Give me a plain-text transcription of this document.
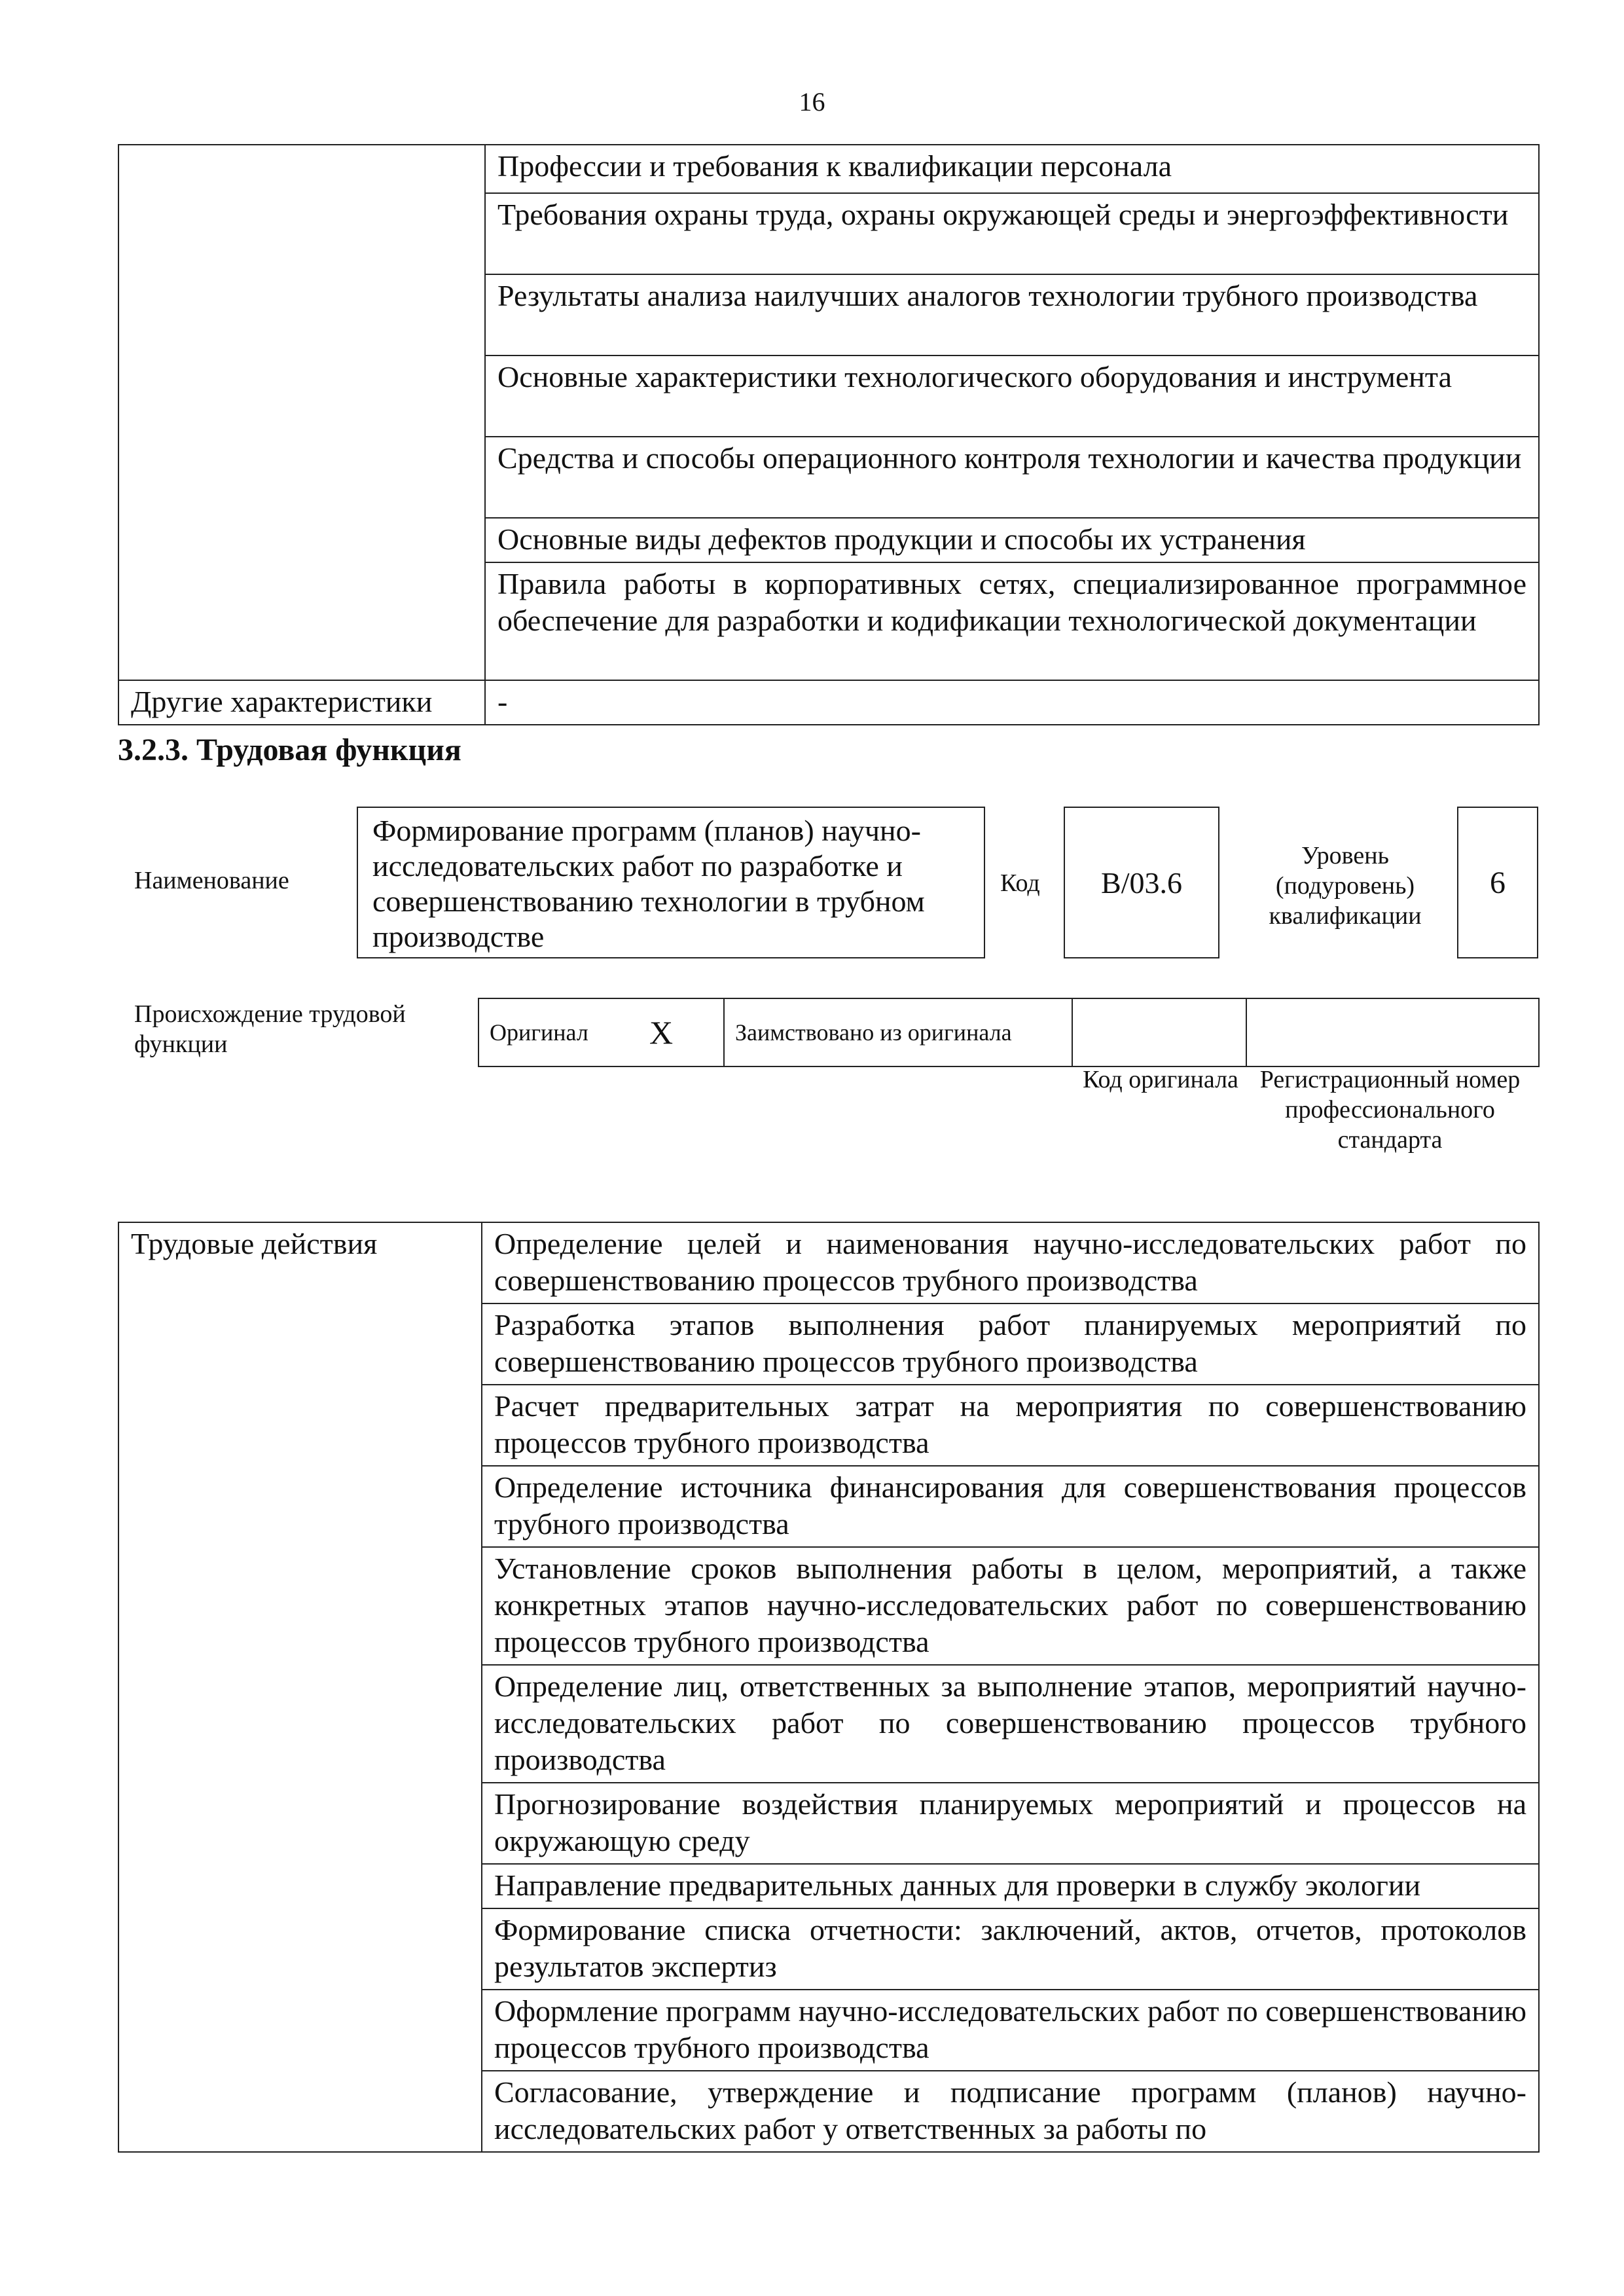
16
	Профессии и требования к квалификации персонала
	Требования охраны труда, охраны окружающей среды и энергоэффективности
	Результаты анализа наилучших аналогов технологии трубного производства
	Основные характеристики технологического оборудования и инструмента
	Средства и способы операционного контроля технологии и качества продукции
	Основные виды дефектов продукции и способы их устранения
	Правила работы в корпоративных сетях, специализированное программное обеспечение для разработки и кодификации технологической документации
Другие характеристики	-
3.2.3. Трудовая функция
Наименование
Формирование программ (планов) научно-исследовательских работ по разработке и совершенствованию технологии в трубном производстве
Код В/03.6
Уровень (подуровень) квалификации
6
Происхождение трудовой функции	Оригинал	Х	Заимствовано из оригинала		
Код оригинала Регистрационный номер профессионального стандарта
Трудовые действия	Определение целей и наименования научно-исследовательских работ по совершенствованию процессов трубного производства
Разработка этапов выполнения работ планируемых мероприятий по совершенствованию процессов трубного производства
Расчет предварительных затрат на мероприятия по совершенствованию процессов трубного производства
Определение источника финансирования для совершенствования процессов трубного производства
Установление сроков выполнения работы в целом, мероприятий, а также конкретных этапов научно-исследовательских работ по совершенствованию процессов трубного производства
Определение лиц, ответственных за выполнение этапов, мероприятий научно-исследовательских работ по совершенствованию процессов трубного производства
Прогнозирование воздействия планируемых мероприятий и процессов на окружающую среду
Направление предварительных данных для проверки в службу экологии
Формирование списка отчетности: заключений, актов, отчетов, протоколов результатов экспертиз
Оформление программ научно-исследовательских работ по совершенствованию процессов трубного производства
Согласование, утверждение и подписание программ (планов) научно-исследовательских работ у ответственных за работы по
